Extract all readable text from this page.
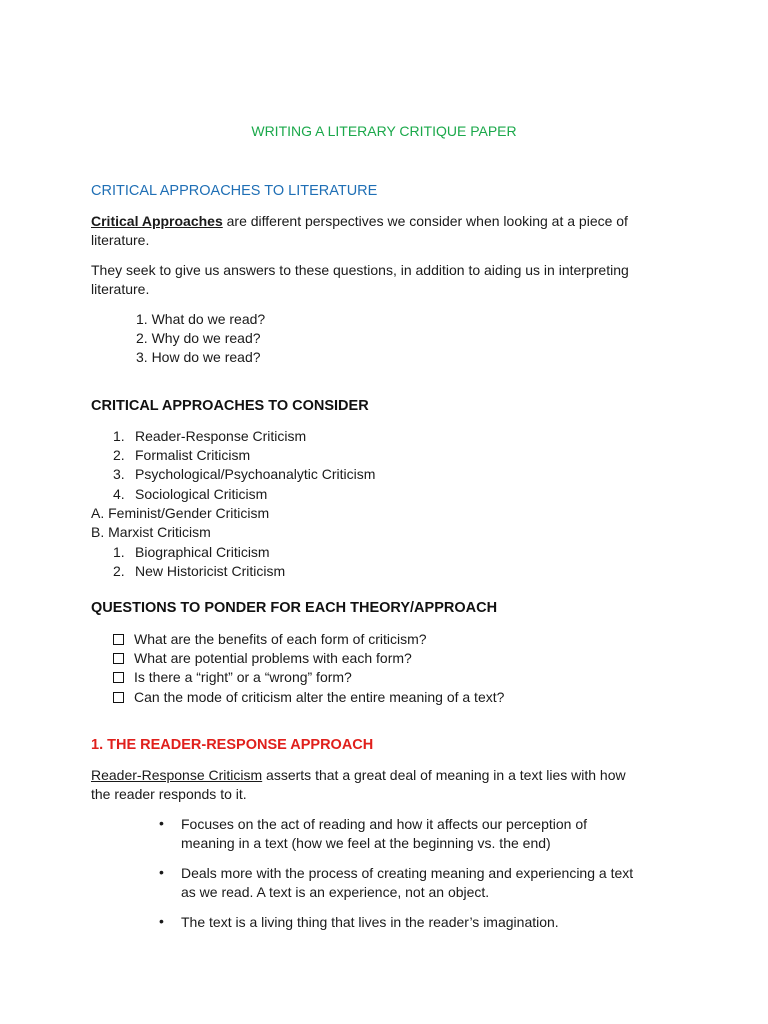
WRITING A LITERARY CRITIQUE PAPER
CRITICAL APPROACHES TO LITERATURE
Critical Approaches are different perspectives we consider when looking at a piece of
literature.
They seek to give us answers to these questions, in addition to aiding us in interpreting
literature.
1. What do we read?
2. Why do we read?
3. How do we read?
CRITICAL APPROACHES TO CONSIDER
1. Reader-Response Criticism
2. Formalist Criticism
3. Psychological/Psychoanalytic Criticism
4. Sociological Criticism
A. Feminist/Gender Criticism
B. Marxist Criticism
1. Biographical Criticism
2. New Historicist Criticism
QUESTIONS TO PONDER FOR EACH THEORY/APPROACH
What are the benefits of each form of criticism?
What are potential problems with each form?
Is there a “right” or a “wrong” form?
Can the mode of criticism alter the entire meaning of a text?
1. THE READER-RESPONSE APPROACH
Reader-Response Criticism asserts that a great deal of meaning in a text lies with how
the reader responds to it.
• Focuses on the act of reading and how it affects our perception of
meaning in a text (how we feel at the beginning vs. the end)
• Deals more with the process of creating meaning and experiencing a text
as we read. A text is an experience, not an object.
• The text is a living thing that lives in the reader’s imagination.
